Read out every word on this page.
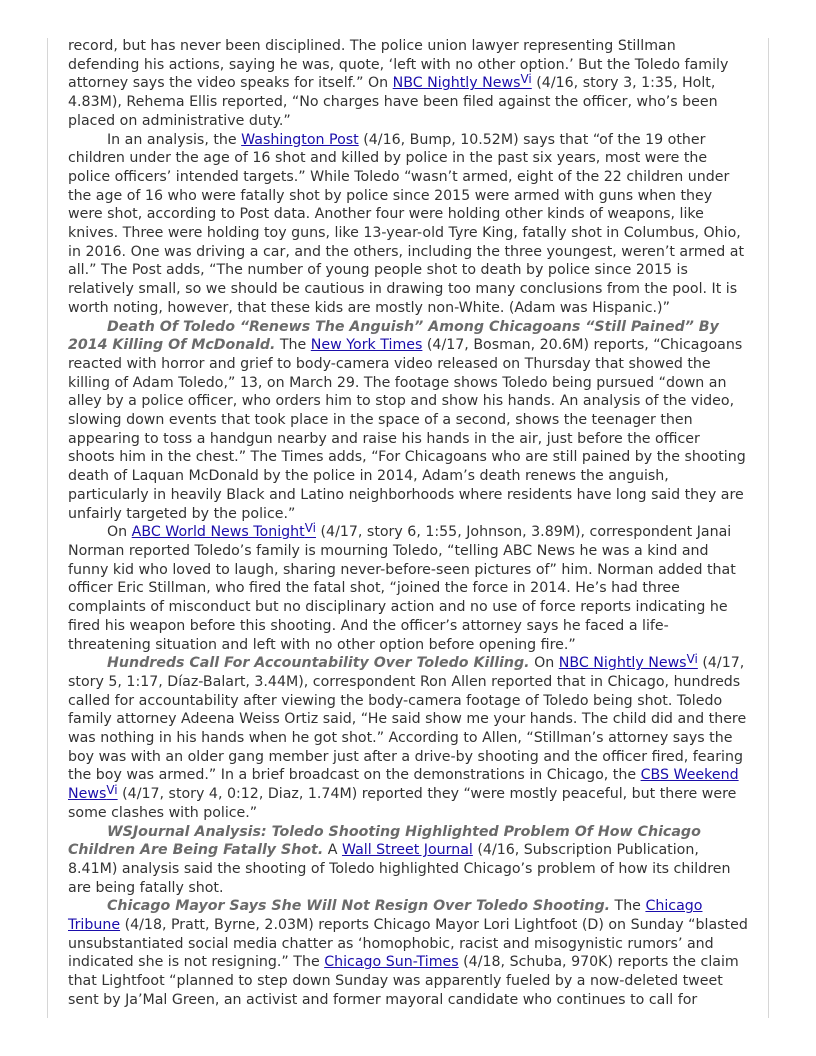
record, but has never been disciplined. The police union lawyer representing Stillman defending his actions, saying he was, quote, ‘left with no other option.’ But the Toledo family attorney says the video speaks for itself.” On NBC Nightly News$^{Vi}$ (4/16, story 3, 1:35, Holt, 4.83M), Rehema Ellis reported, “No charges have been filed against the officer, who’s been placed on administrative duty.”

In an analysis, the Washington Post (4/16, Bump, 10.52M) says that “of the 19 other children under the age of 16 shot and killed by police in the past six years, most were the police officers’ intended targets.” While Toledo “wasn’t armed, eight of the 22 children under the age of 16 who were fatally shot by police since 2015 were armed with guns when they were shot, according to Post data. Another four were holding other kinds of weapons, like knives. Three were holding toy guns, like 13-year-old Tyre King, fatally shot in Columbus, Ohio, in 2016. One was driving a car, and the others, including the three youngest, weren’t armed at all.” The Post adds, “The number of young people shot to death by police since 2015 is relatively small, so we should be cautious in drawing too many conclusions from the pool. It is worth noting, however, that these kids are mostly non-White. (Adam was Hispanic.)”

Death Of Toledo “Renews The Anguish” Among Chicagoans “Still Pained” By 2014 Killing Of McDonald. The New York Times (4/17, Bosman, 20.6M) reports, “Chicagoans reacted with horror and grief to body-camera video released on Thursday that showed the killing of Adam Toledo,” 13, on March 29. The footage shows Toledo being pursued “down an alley by a police officer, who orders him to stop and show his hands. An analysis of the video, slowing down events that took place in the space of a second, shows the teenager then appearing to toss a handgun nearby and raise his hands in the air, just before the officer shoots him in the chest.” The Times adds, “For Chicagoans who are still pained by the shooting death of Laquan McDonald by the police in 2014, Adam’s death renews the anguish, particularly in heavily Black and Latino neighborhoods where residents have long said they are unfairly targeted by the police.”

On ABC World News Tonight$^{Vi}$ (4/17, story 6, 1:55, Johnson, 3.89M), correspondent Janai Norman reported Toledo’s family is mourning Toledo, “telling ABC News he was a kind and funny kid who loved to laugh, sharing never-before-seen pictures of” him. Norman added that officer Eric Stillman, who fired the fatal shot, “joined the force in 2014. He’s had three complaints of misconduct but no disciplinary action and no use of force reports indicating he fired his weapon before this shooting. And the officer’s attorney says he faced a life-threatening situation and left with no other option before opening fire.”

Hundreds Call For Accountability Over Toledo Killing. On NBC Nightly News$^{Vi}$ (4/17, story 5, 1:17, Díaz-Balart, 3.44M), correspondent Ron Allen reported that in Chicago, hundreds called for accountability after viewing the body-camera footage of Toledo being shot. Toledo family attorney Adeena Weiss Ortiz said, “He said show me your hands. The child did and there was nothing in his hands when he got shot.” According to Allen, “Stillman’s attorney says the boy was with an older gang member just after a drive-by shooting and the officer fired, fearing the boy was armed.” In a brief broadcast on the demonstrations in Chicago, the CBS Weekend News$^{Vi}$ (4/17, story 4, 0:12, Diaz, 1.74M) reported they “were mostly peaceful, but there were some clashes with police.”

WSJournal Analysis: Toledo Shooting Highlighted Problem Of How Chicago Children Are Being Fatally Shot. A Wall Street Journal (4/16, Subscription Publication, 8.41M) analysis said the shooting of Toledo highlighted Chicago’s problem of how its children are being fatally shot.

Chicago Mayor Says She Will Not Resign Over Toledo Shooting. The Chicago Tribune (4/18, Pratt, Byrne, 2.03M) reports Chicago Mayor Lori Lightfoot (D) on Sunday “blasted unsubstantiated social media chatter as ‘homophobic, racist and misogynistic rumors’ and indicated she is not resigning.” The Chicago Sun-Times (4/18, Schuba, 970K) reports the claim that Lightfoot “planned to step down Sunday was apparently fueled by a now-deleted tweet sent by Ja’Mal Green, an activist and former mayoral candidate who continues to call for
